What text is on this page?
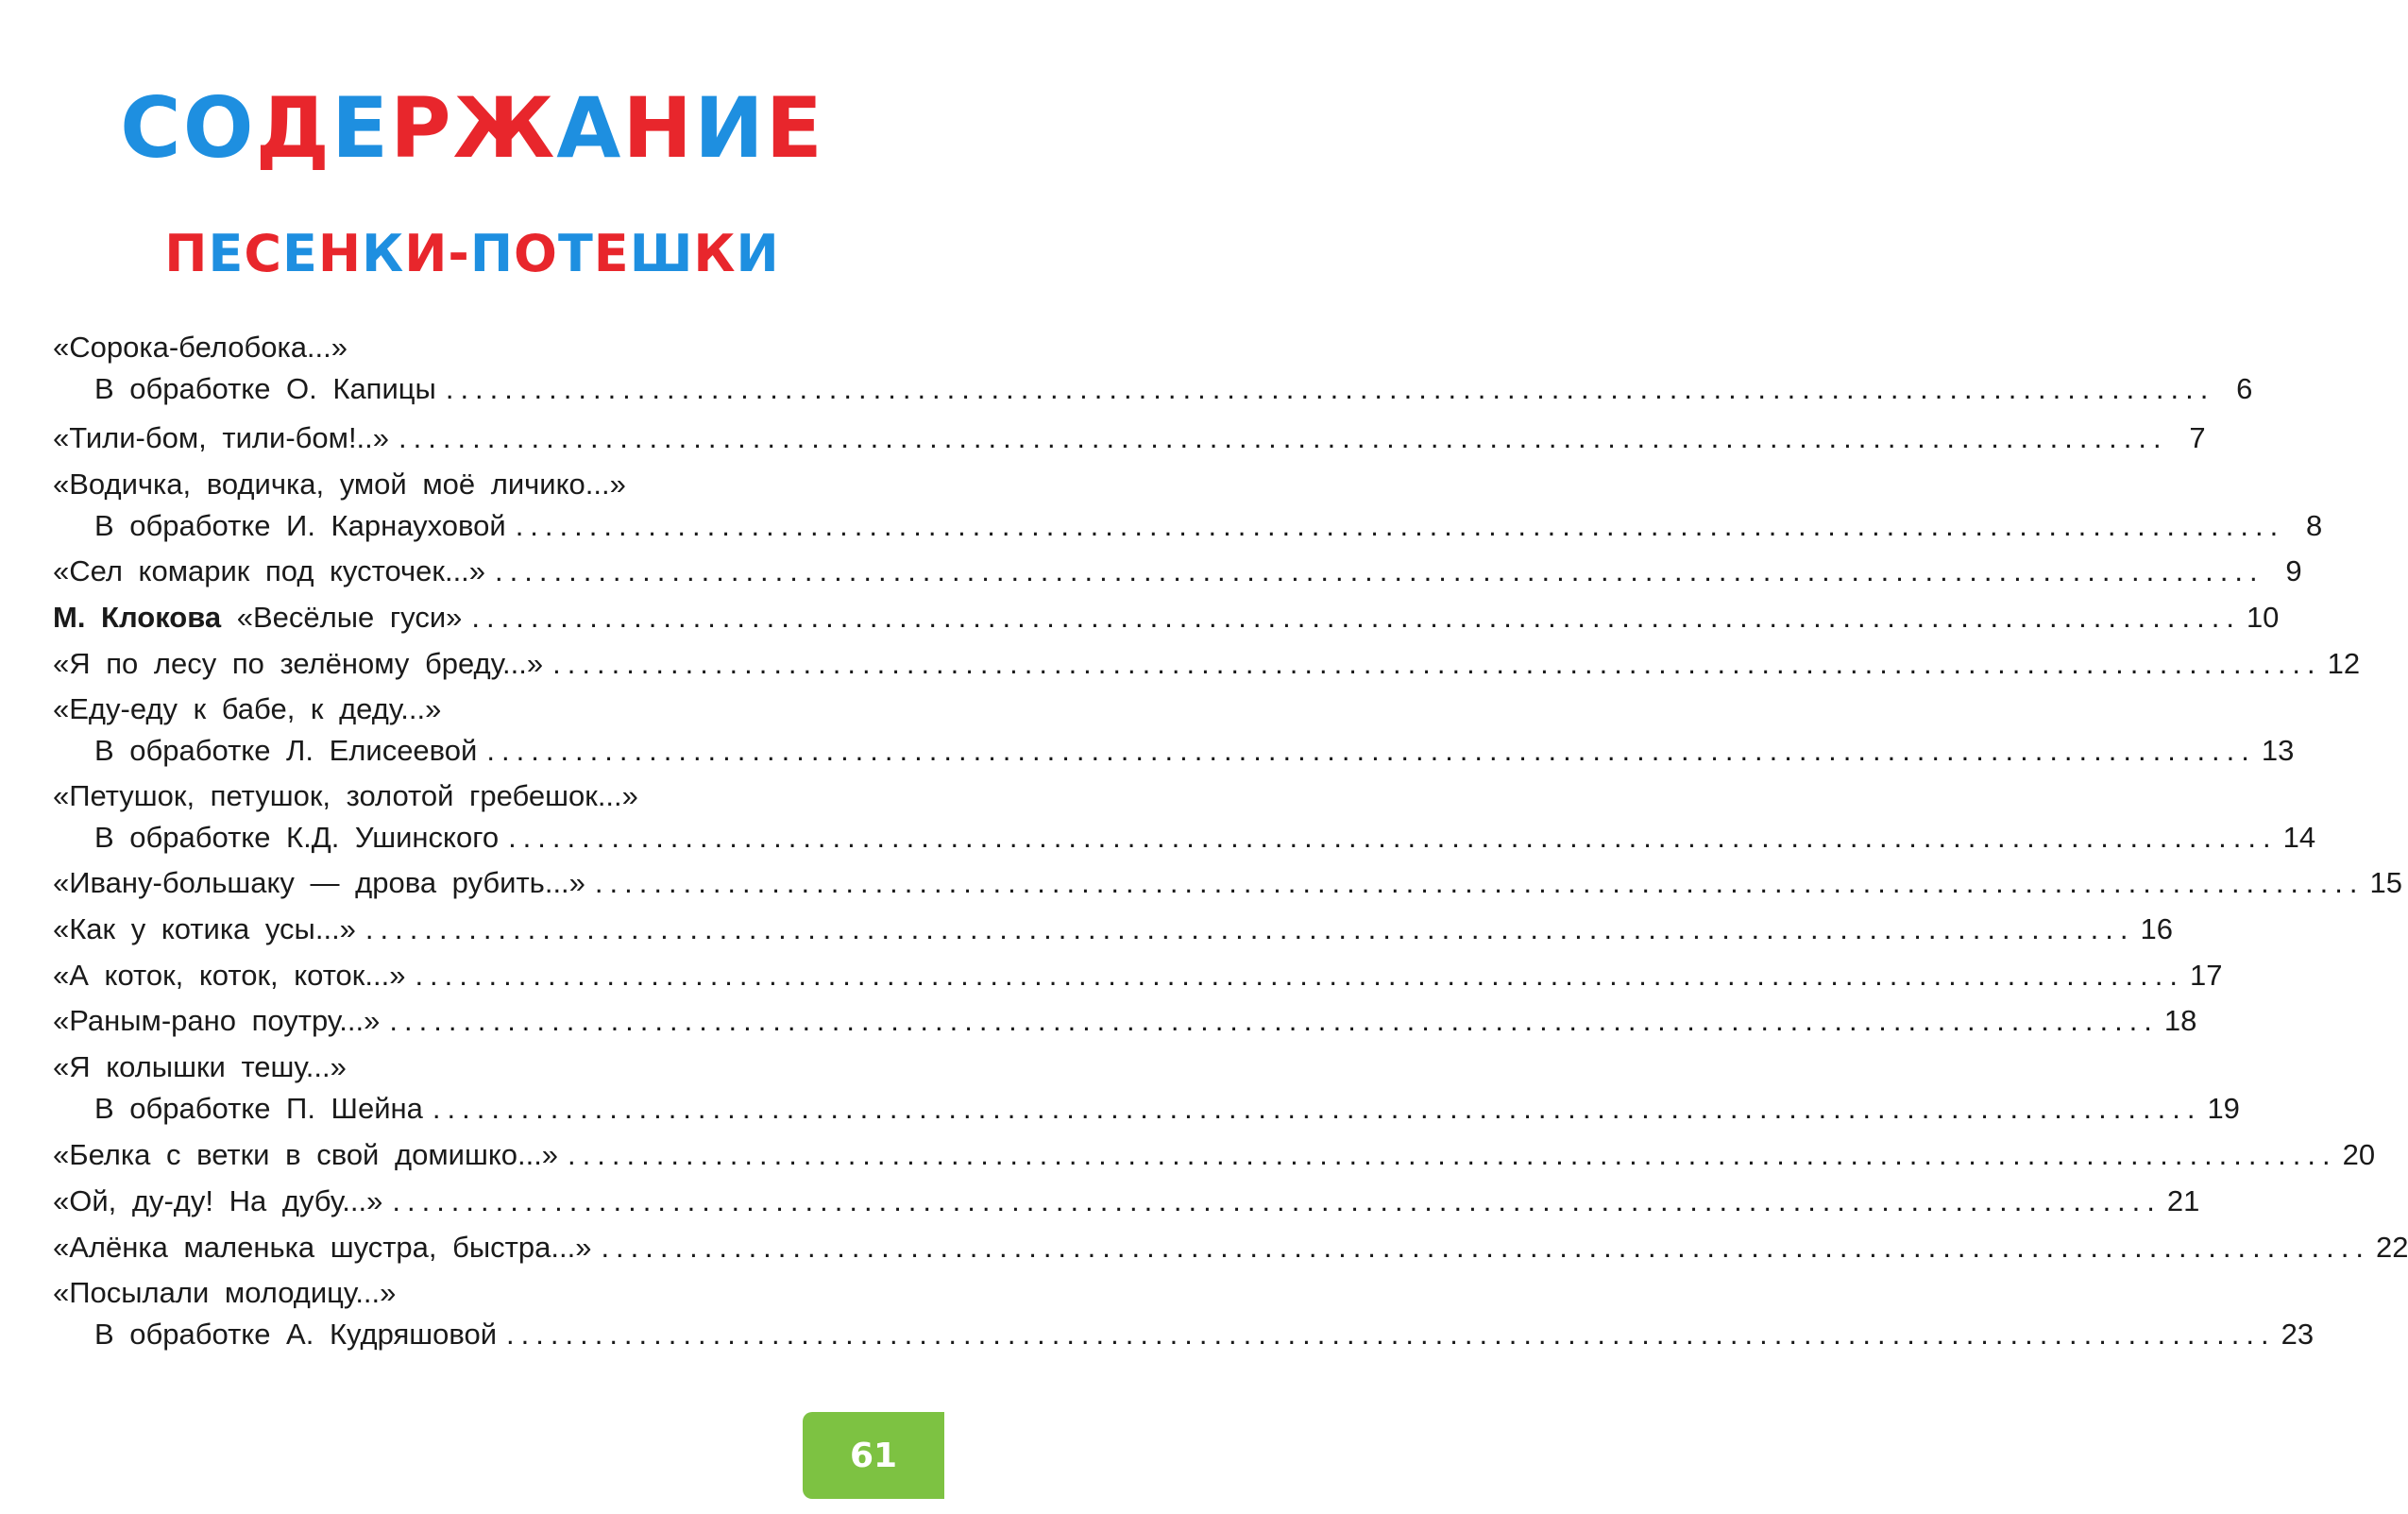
СОДЕРЖАНИЕ
ПЕСЕНКИ-ПОТЕШКИ
«Сорока-белобока...»
В обработке О. Капицы ........................................................................................................................ 6
«Тили-бом, тили-бом!..» ........................................................................................................................ 7
«Водичка, водичка, умой моё личико...»
В обработке И. Карнауховой ........................................................................................................................ 8
«Сел комарик под кусточек...» ........................................................................................................................ 9
М. Клокова «Весёлые гуси» ........................................................................................................................ 10
«Я по лесу по зелёному бреду...» ........................................................................................................................ 12
«Еду-еду к бабе, к деду...»
В обработке Л. Елисеевой ........................................................................................................................ 13
«Петушок, петушок, золотой гребешок...»
В обработке К.Д. Ушинского ........................................................................................................................ 14
«Ивану-большаку — дрова рубить...» ........................................................................................................................ 15
«Как у котика усы...» ........................................................................................................................ 16
«А коток, коток, коток...» ........................................................................................................................ 17
«Раным-рано поутру...» ........................................................................................................................ 18
«Я колышки тешу...»
В обработке П. Шейна ........................................................................................................................ 19
«Белка с ветки в свой домишко...» ........................................................................................................................ 20
«Ой, ду-ду! На дубу...» ........................................................................................................................ 21
«Алёнка маленька шустра, быстра...» ........................................................................................................................ 22
«Посылали молодицу...»
В обработке А. Кудряшовой ........................................................................................................................ 23
61
